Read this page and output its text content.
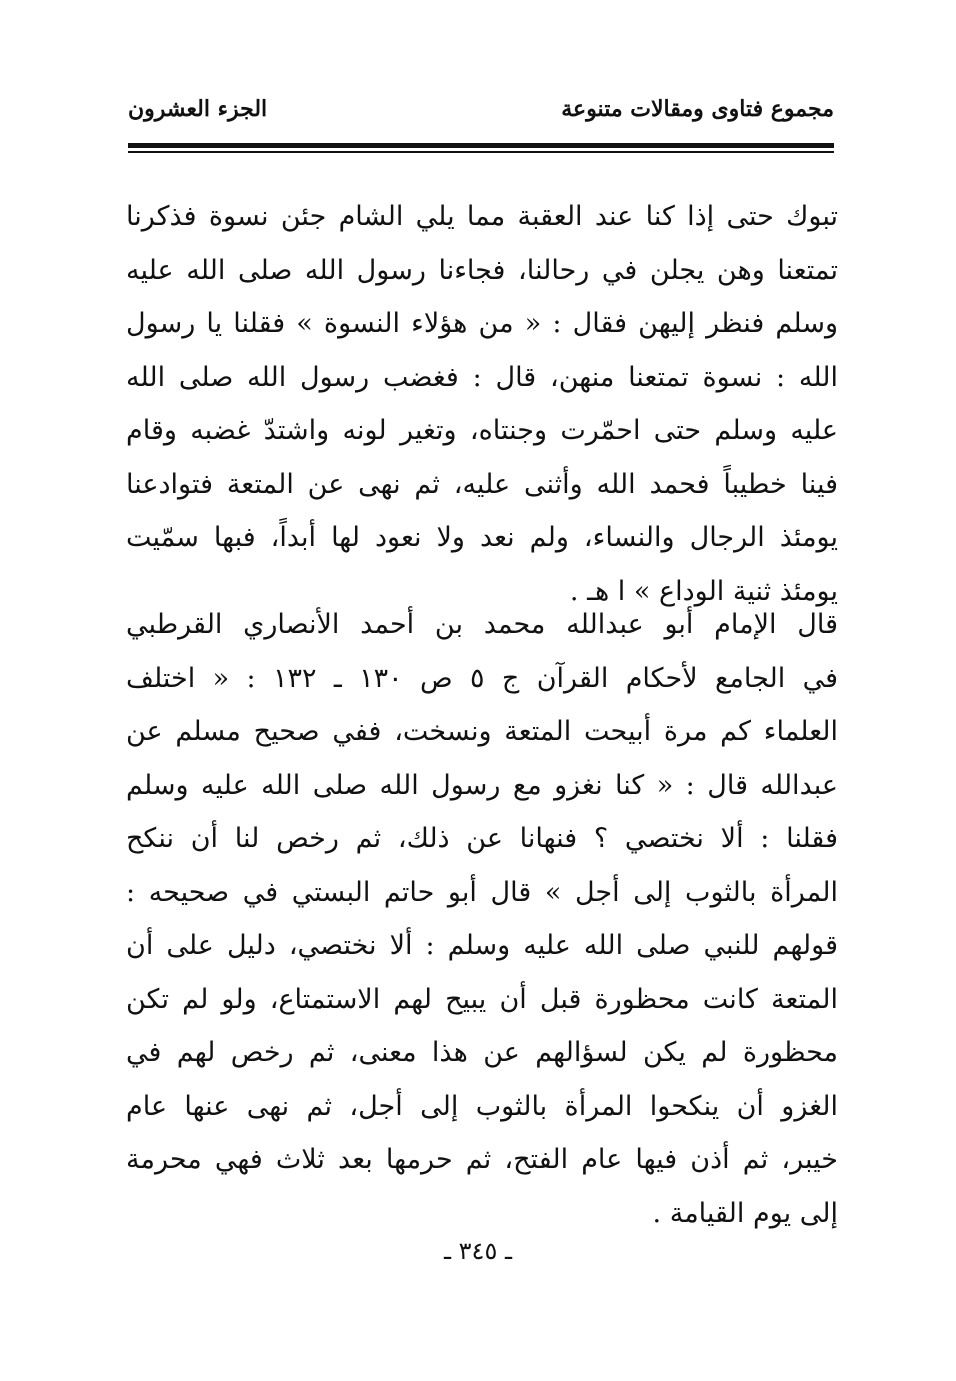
مجموع فتاوى ومقالات متنوعة
الجزء العشرون
تبوك حتى إذا كنا عند العقبة مما يلي الشام جئن نسوة فذكرنا
تمتعنا وهن يجلن في رحالنا، فجاءنا رسول الله صلى الله عليه
وسلم فنظر إليهن فقال : « من هؤلاء النسوة » فقلنا يا رسول
الله : نسوة تمتعنا منهن، قال : فغضب رسول الله صلى الله
عليه وسلم حتى احمّرت وجنتاه، وتغير لونه واشتدّ غضبه وقام
فينا خطيباً فحمد الله وأثنى عليه، ثم نهى عن المتعة فتوادعنا
يومئذ الرجال والنساء، ولم نعد ولا نعود لها أبداً، فبها سمّيت
يومئذ ثنية الوداع » ا هـ .
قال الإمام أبو عبدالله محمد بن أحمد الأنصاري القرطبي
في الجامع لأحكام القرآن ج ٥ ص ١٣٠ ـ ١٣٢ : « اختلف
العلماء كم مرة أبيحت المتعة ونسخت، ففي صحيح مسلم عن
عبدالله قال : « كنا نغزو مع رسول الله صلى الله عليه وسلم
فقلنا : ألا نختصي ؟ فنهانا عن ذلك، ثم رخص لنا أن ننكح
المرأة بالثوب إلى أجل » قال أبو حاتم البستي في صحيحه :
قولهم للنبي صلى الله عليه وسلم : ألا نختصي، دليل على أن
المتعة كانت محظورة قبل أن يبيح لهم الاستمتاع، ولو لم تكن
محظورة لم يكن لسؤالهم عن هذا معنى، ثم رخص لهم في
الغزو أن ينكحوا المرأة بالثوب إلى أجل، ثم نهى عنها عام
خيبر، ثم أذن فيها عام الفتح، ثم حرمها بعد ثلاث فهي محرمة
إلى يوم القيامة .
ـ ٣٤٥ ـ
